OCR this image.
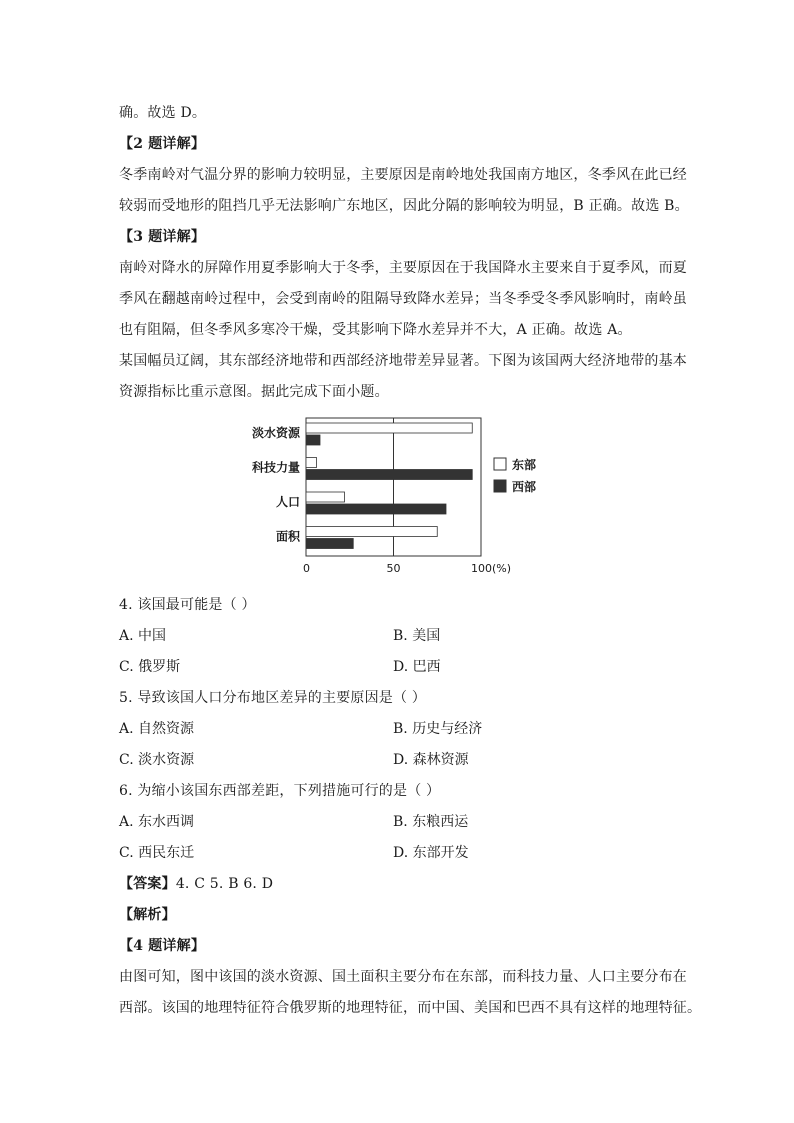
确。故选 D。
【2 题详解】
冬季南岭对气温分界的影响力较明显，主要原因是南岭地处我国南方地区，冬季风在此已经
较弱而受地形的阻挡几乎无法影响广东地区，因此分隔的影响较为明显，B 正确。故选 B。
【3 题详解】
南岭对降水的屏障作用夏季影响大于冬季，主要原因在于我国降水主要来自于夏季风，而夏
季风在翻越南岭过程中，会受到南岭的阻隔导致降水差异；当冬季受冬季风影响时，南岭虽
也有阻隔，但冬季风多寒冷干燥，受其影响下降水差异并不大，A 正确。故选 A。
某国幅员辽阔，其东部经济地带和西部经济地带差异显著。下图为该国两大经济地带的基本
资源指标比重示意图。据此完成下面小题。
淡水资源
科技力量
人口
面积
0	50	100(%)
东部
西部
4. 该国最可能是（ ）
A. 中国	B. 美国
C. 俄罗斯	D. 巴西
5. 导致该国人口分布地区差异的主要原因是（ ）
A. 自然资源	B. 历史与经济
C. 淡水资源	D. 森林资源
6. 为缩小该国东西部差距，下列措施可行的是（ ）
A. 东水西调	B. 东粮西运
C. 西民东迁	D. 东部开发
【答案】4. C 5. B 6. D
【解析】
【4 题详解】
由图可知，图中该国的淡水资源、国土面积主要分布在东部，而科技力量、人口主要分布在
西部。该国的地理特征符合俄罗斯的地理特征，而中国、美国和巴西不具有这样的地理特征。
